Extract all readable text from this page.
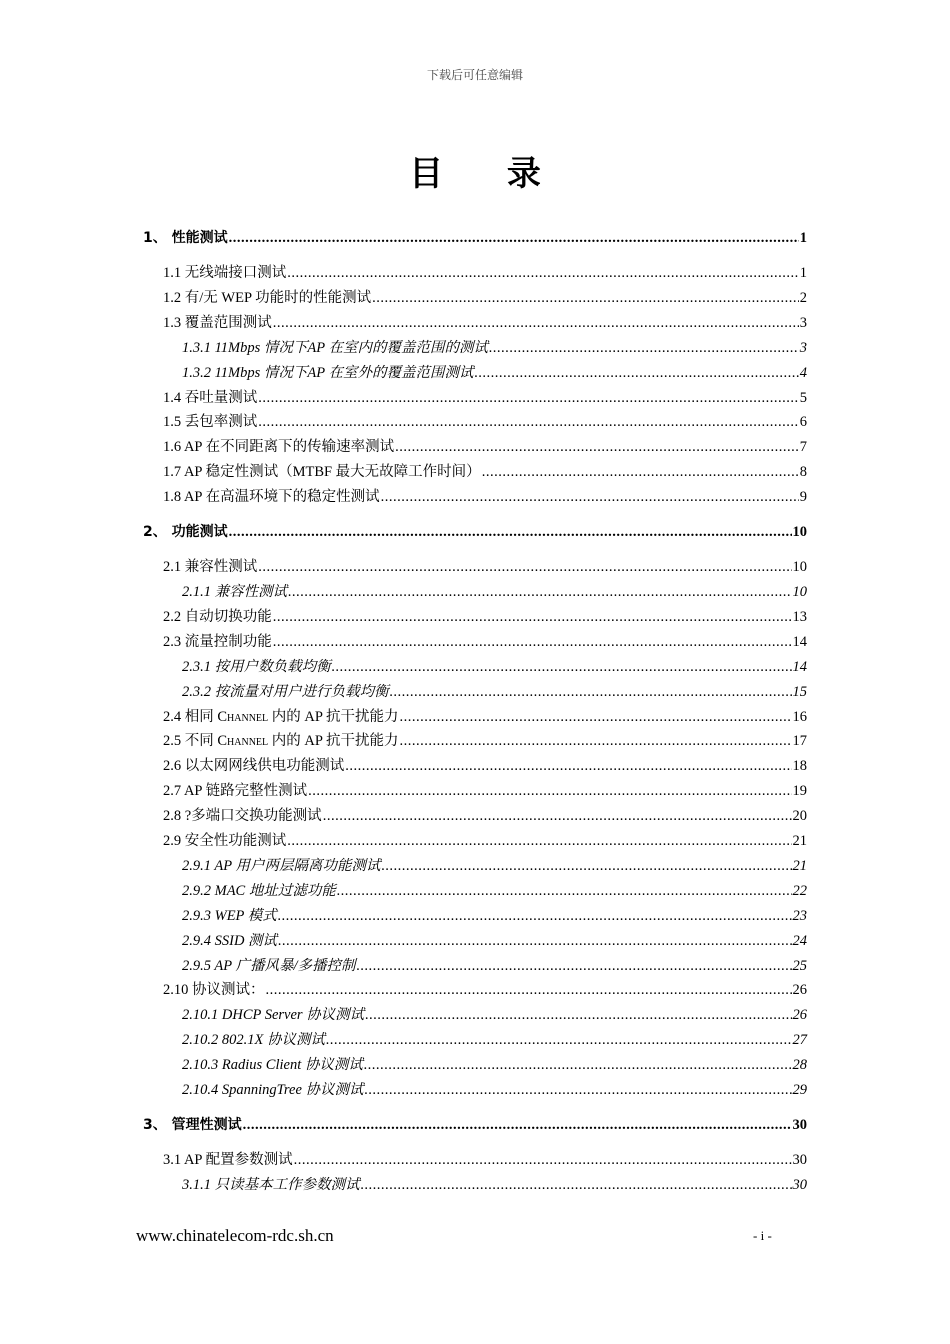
下载后可任意编辑
目 录
1、 性能测试 .....	1
1.1 无线端接口测试 .....	1
1.2 有/无 WEP 功能时的性能测试 .....	2
1.3 覆盖范围测试 .....	3
1.3.1 11Mbps 情况下AP 在室内的覆盖范围的测试 .....	3
1.3.2 11Mbps 情况下AP 在室外的覆盖范围测试 .....	4
1.4 吞吐量测试 .....	5
1.5 丢包率测试 .....	6
1.6 AP 在不同距离下的传输速率测试 .....	7
1.7 AP 稳定性测试（MTBF 最大无故障工作时间） .....	8
1.8 AP 在高温环境下的稳定性测试 .....	9
2、 功能测试 .....	10
2.1 兼容性测试 .....	10
2.1.1 兼容性测试 .....	10
2.2 自动切换功能 .....	13
2.3 流量控制功能 .....	14
2.3.1 按用户数负载均衡 .....	14
2.3.2 按流量对用户进行负载均衡 .....	15
2.4 相同 Channel 内的 AP 抗干扰能力 .....	16
2.5 不同 Channel 内的 AP 抗干扰能力 .....	17
2.6 以太网网线供电功能测试 .....	18
2.7 AP 链路完整性测试 .....	19
2.8 ?多端口交换功能测试 .....	20
2.9 安全性功能测试 .....	21
2.9.1 AP 用户两层隔离功能测试 .....	21
2.9.2 MAC 地址过滤功能 .....	22
2.9.3 WEP 模式 .....	23
2.9.4 SSID 测试 .....	24
2.9.5 AP 广播风暴/多播控制 .....	25
2.10 协议测试： .....	26
2.10.1 DHCP Server 协议测试 .....	26
2.10.2 802.1X 协议测试 .....	27
2.10.3 Radius Client 协议测试 .....	28
2.10.4 SpanningTree 协议测试 .....	29
3、 管理性测试 .....	30
3.1 AP 配置参数测试 .....	30
3.1.1 只读基本工作参数测试 .....	30
www.chinatelecom-rdc.sh.cn	- i -
